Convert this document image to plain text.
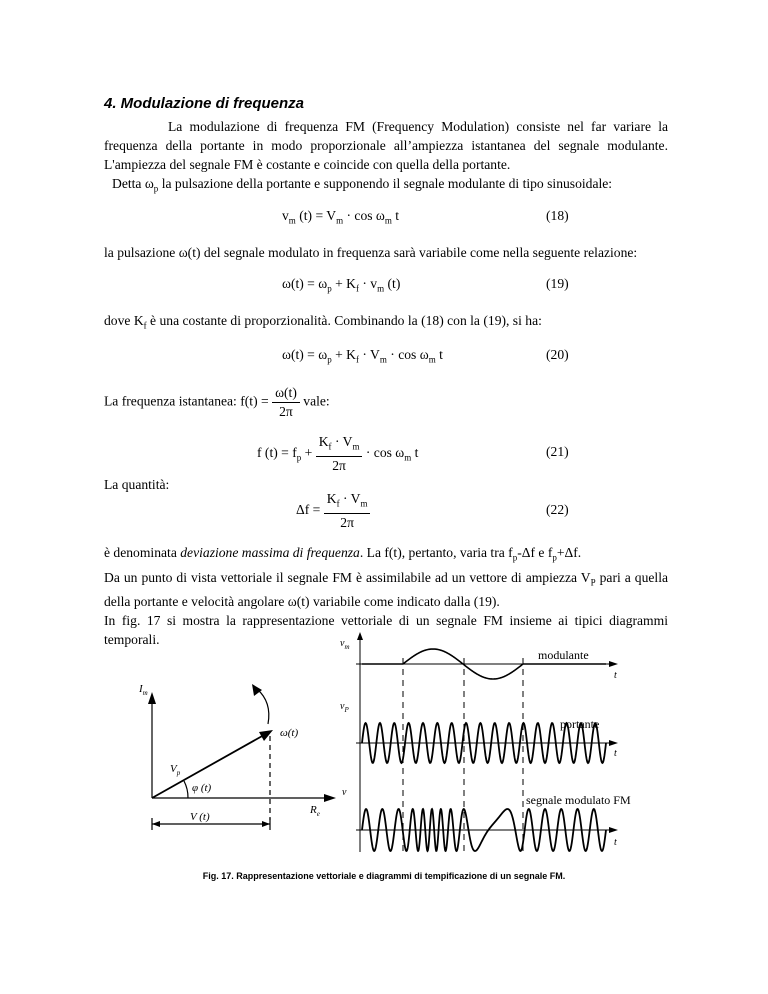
4. Modulazione di frequenza

La modulazione di frequenza FM (Frequency Modulation) consiste nel far variare la frequenza della portante in modo proporzionale all’ampiezza istantanea del segnale modulante. L'ampiezza del segnale FM è costante e coincide con quella della portante.

Detta $\omega_p$ la pulsazione della portante e supponendo il segnale modulante di tipo sinusoidale:

$v_m$ $(t) = V_m \cdot \cos \omega_m$ t	(18)

la pulsazione ω(t) del segnale modulato in frequenza sarà variabile come nella seguente relazione:

$\omega(t) = \omega_p + K_f \cdot v_m$ (t)	(19)

dove $K_f$ è una costante di proporzionalità. Combinando la (18) con la (19), si ha:

$\omega(t) = \omega_p + K_f \cdot V_m \cdot \cos \omega_m$ t	(20)
La frequenza istantanea: $f(t) = \frac{\omega(t)}{2\pi}$ vale:
f $(t) = f_p + \frac{K_f \cdot V_m}{2\pi} \cdot \cos \omega_m$ t	(21)

La quantità:

$\Delta f = \frac{K_f \cdot V_m}{2\pi}$	(22)

è denominata deviazione massima di frequenza. La f(t), pertanto, varia tra $f_p-\Delta f$ e $f_p+\Delta f$.
Da un punto di vista vettoriale il segnale FM è assimilabile ad un vettore di ampiezza $V_P$ pari a quella della portante e velocità angolare ω(t) variabile come indicato dalla (19).
In fig. 17 si mostra la rappresentazione vettoriale di un segnale FM insieme ai tipici diagrammi temporali.

$I_m$
$R_e$
ω(t)
$V_p$
φ (t)
V (t)
$v_m$
modulante
t
$v_P$
portante
t
v
segnale modulato FM
t

Fig. 17. Rappresentazione vettoriale e diagrammi di tempificazione di un segnale FM.
